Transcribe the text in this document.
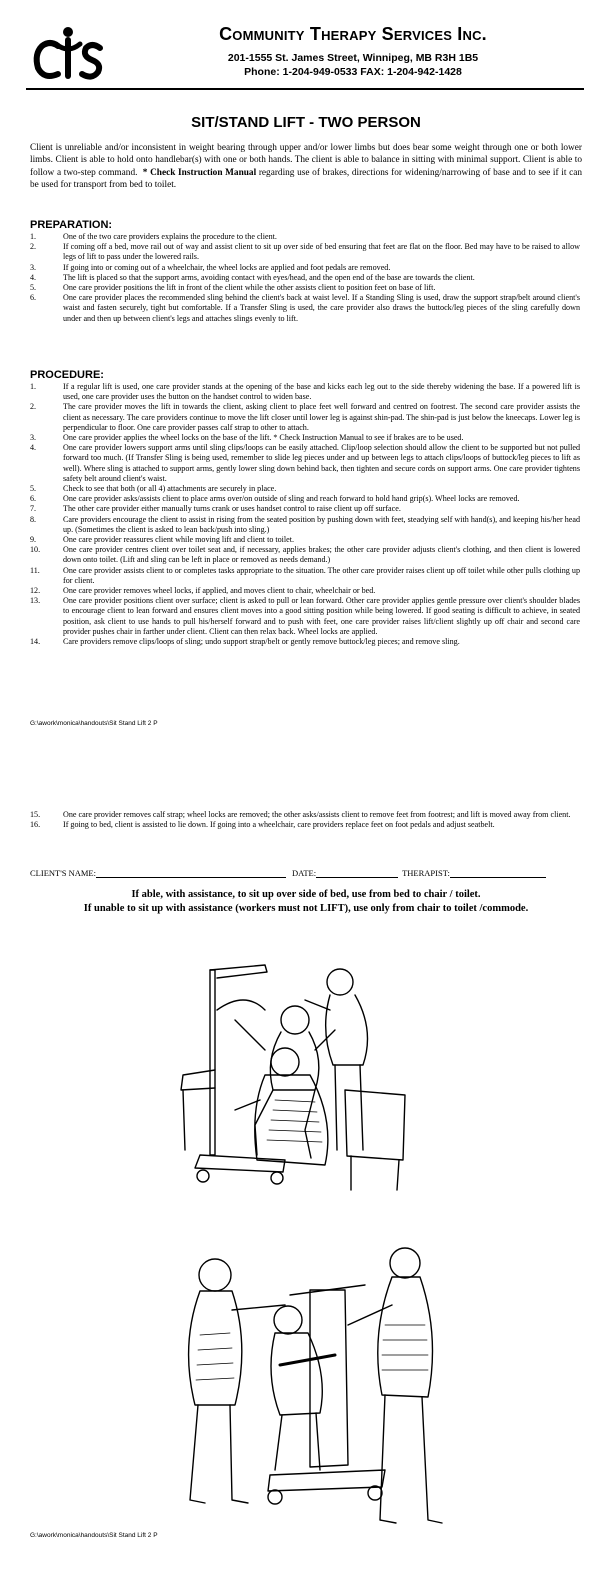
Community Therapy Services Inc.
201-1555 St. James Street, Winnipeg, MB R3H 1B5
Phone: 1-204-949-0533 FAX: 1-204-942-1428
SIT/STAND LIFT - TWO PERSON
Client is unreliable and/or inconsistent in weight bearing through upper and/or lower limbs but does bear some weight through one or both lower limbs. Client is able to hold onto handlebar(s) with one or both hands. The client is able to balance in sitting with minimal support. Client is able to follow a two-step command. * Check Instruction Manual regarding use of brakes, directions for widening/narrowing of base and to see if it can be used for transport from bed to toilet.
PREPARATION:
1.	One of the two care providers explains the procedure to the client.
2.	If coming off a bed, move rail out of way and assist client to sit up over side of bed ensuring that feet are flat on the floor. Bed may have to be raised to allow legs of lift to pass under the lowered rails.
3.	If going into or coming out of a wheelchair, the wheel locks are applied and foot pedals are removed.
4.	The lift is placed so that the support arms, avoiding contact with eyes/head, and the open end of the base are towards the client.
5.	One care provider positions the lift in front of the client while the other assists client to position feet on base of lift.
6.	One care provider places the recommended sling behind the client's back at waist level. If a Standing Sling is used, draw the support strap/belt around client's waist and fasten securely, tight but comfortable. If a Transfer Sling is used, the care provider also draws the buttock/leg pieces of the sling carefully down under and then up between client's legs and attaches slings evenly to lift.
PROCEDURE:
1.	If a regular lift is used, one care provider stands at the opening of the base and kicks each leg out to the side thereby widening the base. If a powered lift is used, one care provider uses the button on the handset control to widen base.
2.	The care provider moves the lift in towards the client, asking client to place feet well forward and centred on footrest. The second care provider assists the client as necessary. The care providers continue to move the lift closer until lower leg is against shin-pad. The shin-pad is just below the kneecaps. Lower leg is perpendicular to floor. One care provider passes calf strap to other to attach.
3.	One care provider applies the wheel locks on the base of the lift. * Check Instruction Manual to see if brakes are to be used.
4.	One care provider lowers support arms until sling clips/loops can be easily attached. Clip/loop selection should allow the client to be supported but not pulled forward too much. (If Transfer Sling is being used, remember to slide leg pieces under and up between legs to attach clips/loops of buttock/leg pieces to lift as well). Where sling is attached to support arms, gently lower sling down behind back, then tighten and secure cords on support arms. One care provider tightens safety belt around client's waist.
5.	Check to see that both (or all 4) attachments are securely in place.
6.	One care provider asks/assists client to place arms over/on outside of sling and reach forward to hold hand grip(s). Wheel locks are removed.
7.	The other care provider either manually turns crank or uses handset control to raise client up off surface.
8.	Care providers encourage the client to assist in rising from the seated position by pushing down with feet, steadying self with hand(s), and keeping his/her head up. (Sometimes the client is asked to lean back/push into sling.)
9.	One care provider reassures client while moving lift and client to toilet.
10.	One care provider centres client over toilet seat and, if necessary, applies brakes; the other care provider adjusts client's clothing, and then client is lowered down onto toilet. (Lift and sling can be left in place or removed as needs demand.)
11.	One care provider assists client to or completes tasks appropriate to the situation. The other care provider raises client up off toilet while other pulls clothing up for client.
12.	One care provider removes wheel locks, if applied, and moves client to chair, wheelchair or bed.
13.	One care provider positions client over surface; client is asked to pull or lean forward. Other care provider applies gentle pressure over client's shoulder blades to encourage client to lean forward and ensures client moves into a good sitting position while being lowered. If good seating is difficult to achieve, in seated position, ask client to use hands to pull his/herself forward and to push with feet, one care provider raises lift/client slightly up off chair and second care provider pushes chair in farther under client. Client can then relax back. Wheel locks are applied.
14.	Care providers remove clips/loops of sling; undo support strap/belt or gently remove buttock/leg pieces; and remove sling.
G:\awork\monica\handouts\Sit Stand Lift 2 P
15.	One care provider removes calf strap; wheel locks are removed; the other asks/assists client to remove feet from footrest; and lift is moved away from client.
16.	If going to bed, client is assisted to lie down. If going into a wheelchair, care providers replace feet on foot pedals and adjust seatbelt.
CLIENT'S NAME:	DATE:	THERAPIST:
If able, with assistance, to sit up over side of bed, use from bed to chair / toilet.
If unable to sit up with assistance (workers must not LIFT), use only from chair to toilet /commode.
G:\awork\monica\handouts\Sit Stand Lift 2 P
